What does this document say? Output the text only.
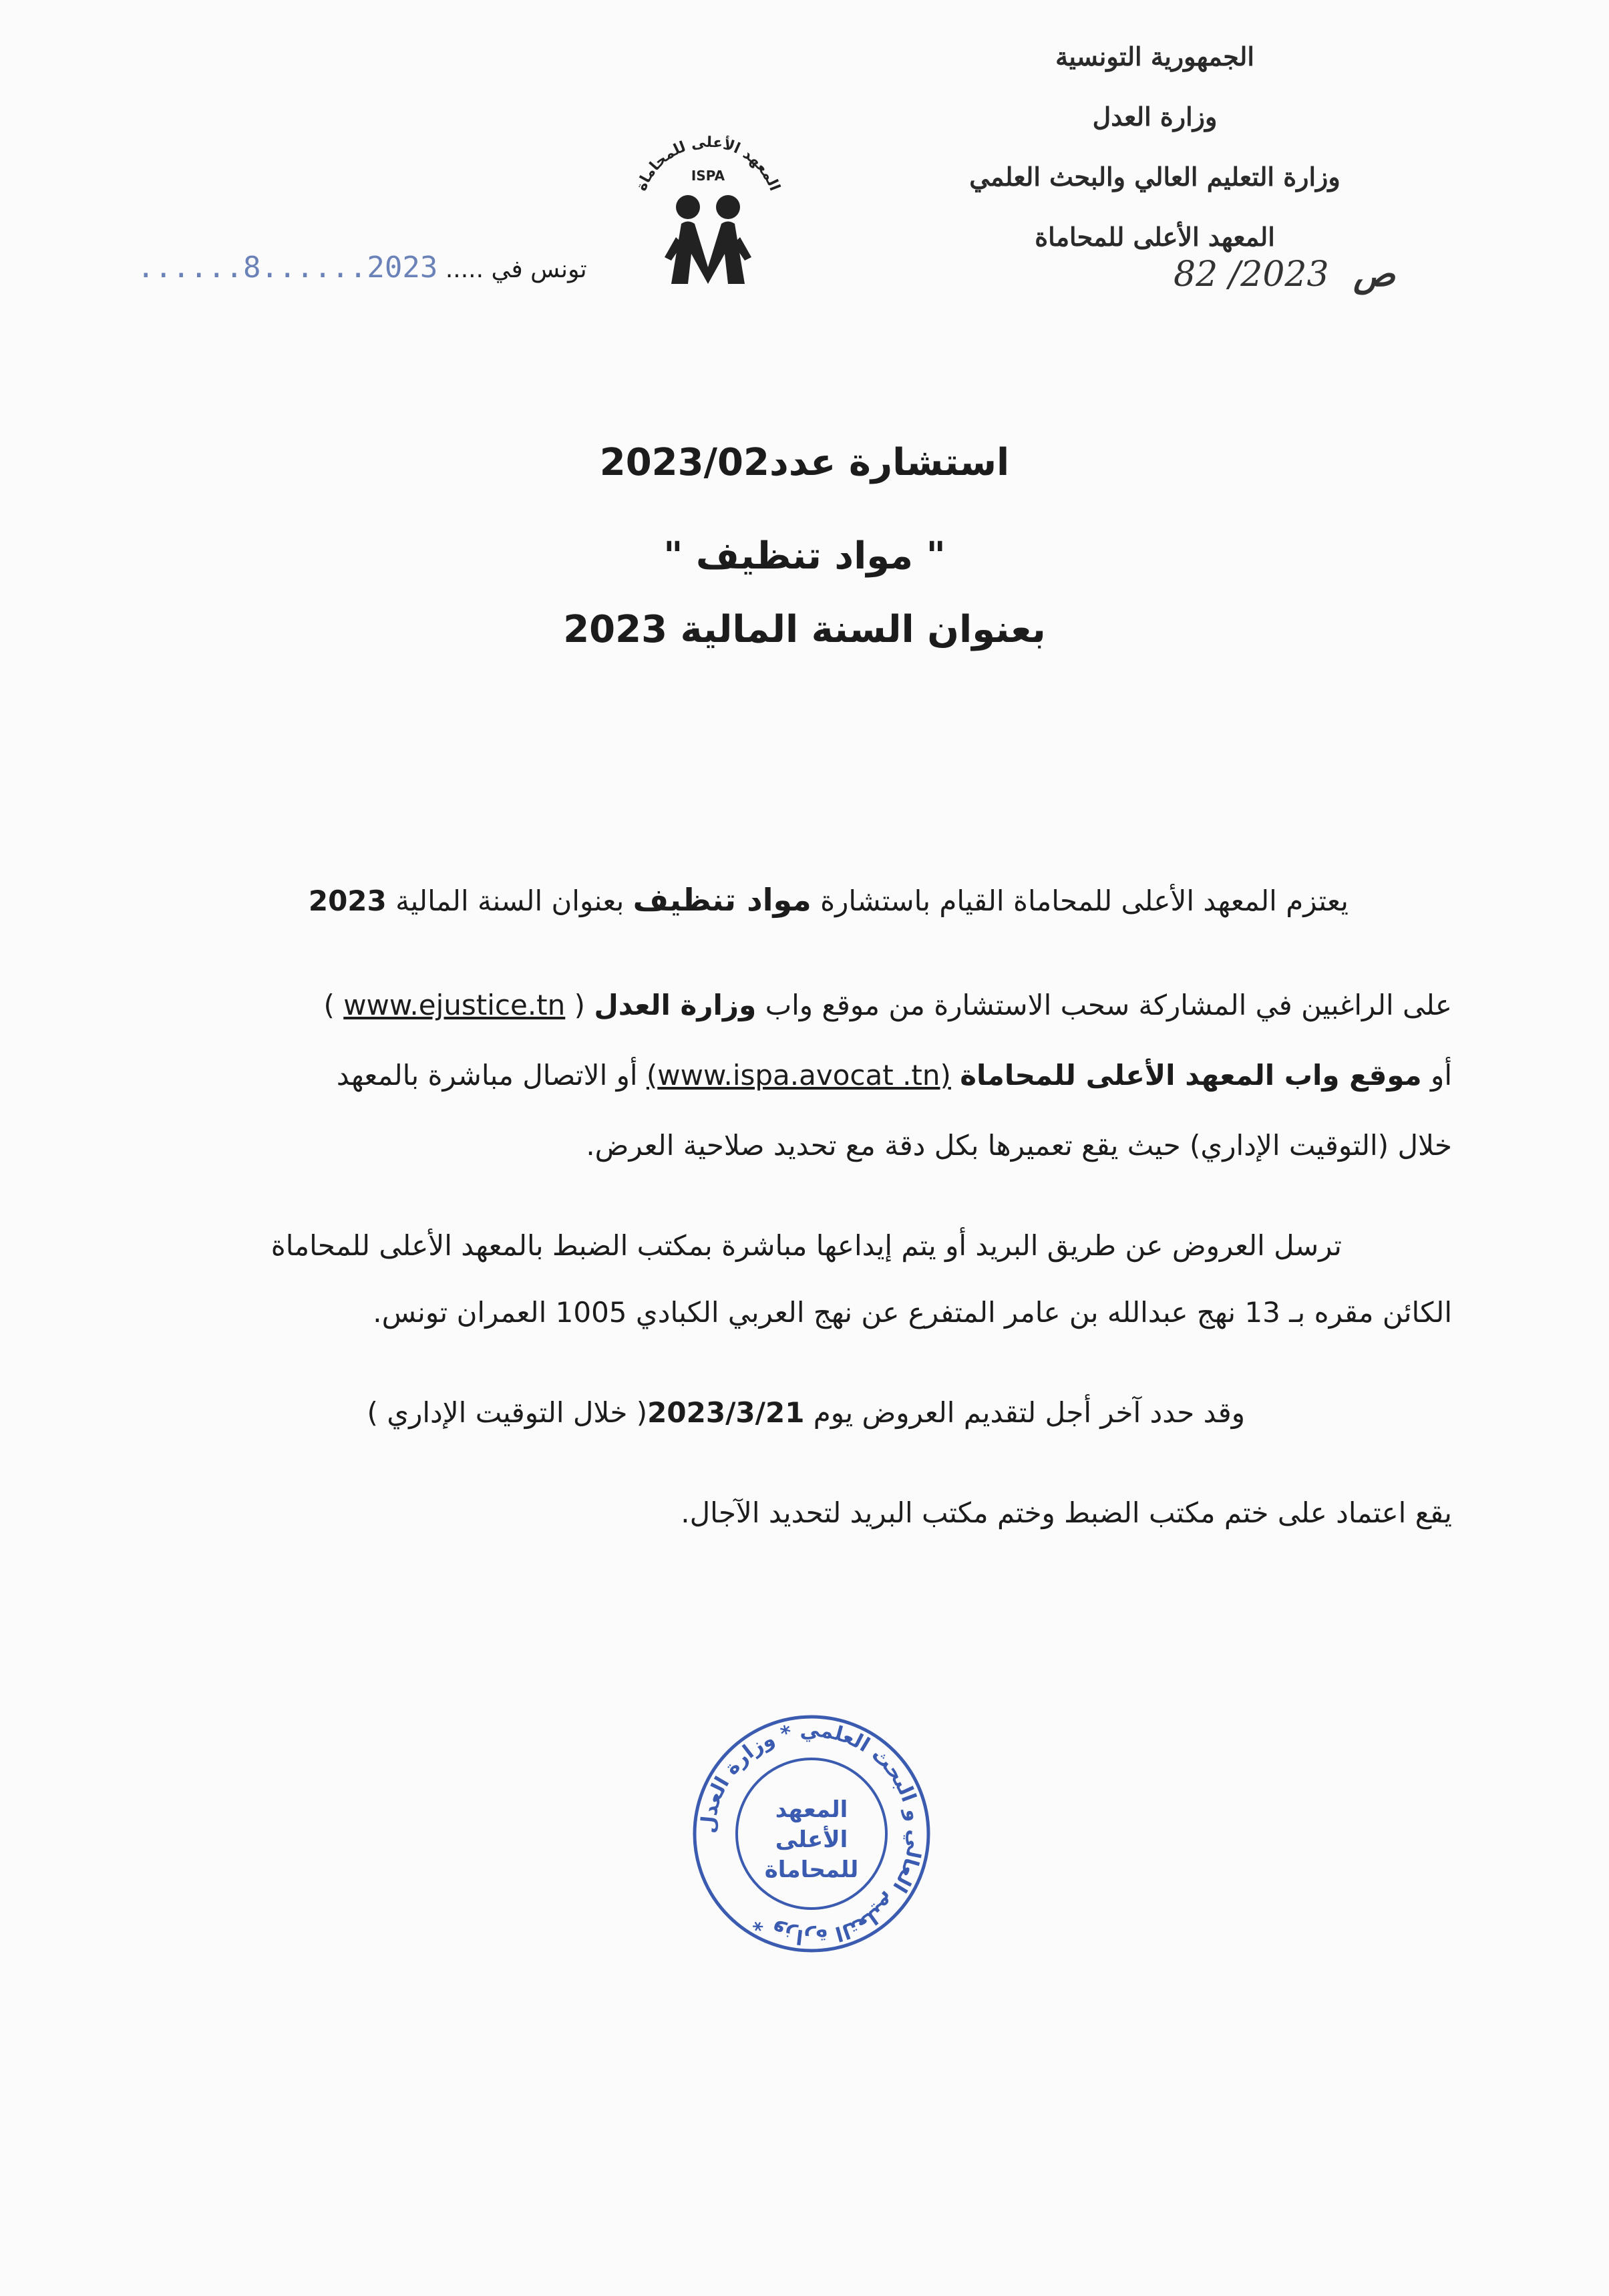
الجمهورية التونسية
وزارة العدل
وزارة التعليم العالي والبحث العلمي
المعهد الأعلى للمحاماة
ص 2023/ 82
المعهد الأعلى للمحاماة
ISPA
تونس في ..... 2023......8......
استشارة عدد2023/02
" مواد تنظيف "
بعنوان السنة المالية 2023
يعتزم المعهد الأعلى للمحاماة القيام باستشارة مواد تنظيف بعنوان السنة المالية 2023
على الراغبين في المشاركة سحب الاستشارة من موقع واب وزارة العدل ( www.ejustice.tn )
أو موقع واب المعهد الأعلى للمحاماة (www.ispa.avocat .tn) أو الاتصال مباشرة بالمعهد
خلال (التوقيت الإداري) حيث يقع تعميرها بكل دقة مع تحديد صلاحية العرض.
ترسل العروض عن طريق البريد أو يتم إيداعها مباشرة بمكتب الضبط بالمعهد الأعلى للمحاماة
الكائن مقره بـ 13 نهج عبدالله بن عامر المتفرع عن نهج العربي الكبادي 1005 العمران تونس.
وقد حدد آخر أجل لتقديم العروض يوم 2023/3/21( خلال التوقيت الإداري )
يقع اعتماد على ختم مكتب الضبط وختم مكتب البريد لتحديد الآجال.
وزارة التعليم العالي و البحث العلمي * وزارة العدل *
المعهد
الأعلى
للمحاماة
